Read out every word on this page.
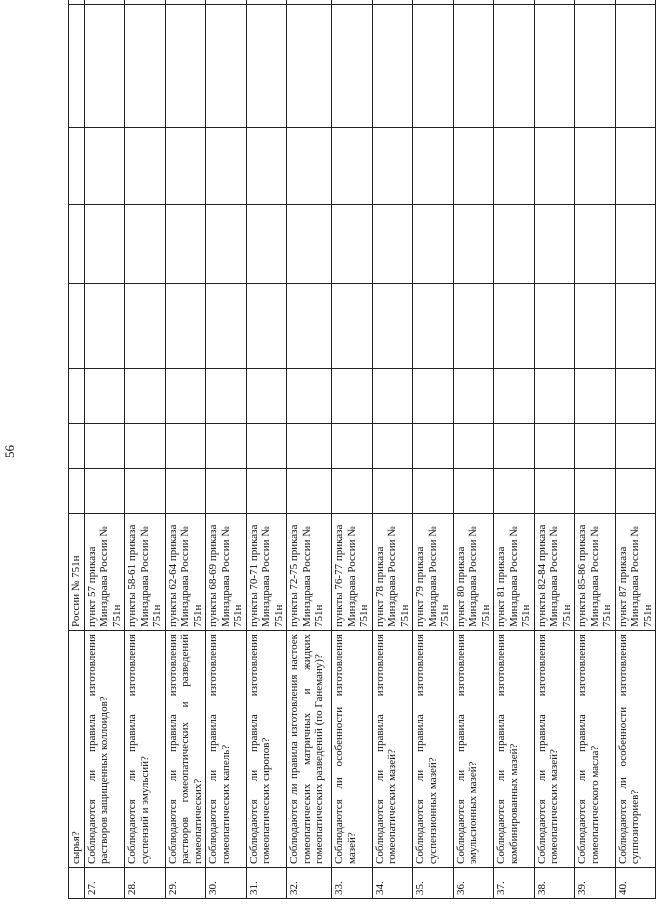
56
	сырья?	России № 751н								
27.	Соблюдаются ли правила изготовления растворов защищенных коллоидов?	пункт 57 приказа Минздрава России № 751н								
28.	Соблюдаются ли правила изготовления суспензий и эмульсий?	пункты 58-61 приказа Минздрава России № 751н								
29.	Соблюдаются ли правила изготовления растворов гомеопатических и разведений гомеопатических?	пункты 62-64 приказа Минздрава России № 751н								
30.	Соблюдаются ли правила изготовления гомеопатических капель?	пункты 68-69 приказа Минздрава России № 751н								
31.	Соблюдаются ли правила изготовления гомеопатических сиропов?	пункты 70-71 приказа Минздрава России № 751н								
32.	Соблюдаются ли правила изготовления настоек гомеопатических матричных и жидких гомеопатических разведений (по Ганеману)?	пункты 72-75 приказа Минздрава России № 751н								
33.	Соблюдаются ли особенности изготовления мазей?	пункты 76-77 приказа Минздрава России № 751н								
34.	Соблюдаются ли правила изготовления гомеопатических мазей?	пункт 78 приказа Минздрава России № 751н								
35.	Соблюдаются ли правила изготовления суспензионных мазей?	пункт 79 приказа Минздрава России № 751н								
36.	Соблюдаются ли правила изготовления эмульсионных мазей?	пункт 80 приказа Минздрава России № 751н								
37.	Соблюдаются ли правила изготовления комбинированных мазей?	пункт 81 приказа Минздрава России № 751н								
38.	Соблюдаются ли правила изготовления гомеопатических мазей?	пункты 82-84 приказа Минздрава России № 751н								
39.	Соблюдаются ли правила изготовления гомеопатического масла?	пункты 85-86 приказа Минздрава России № 751н								
40.	Соблюдаются ли особенности изготовления суппозиториев?	пункт 87 приказа Минздрава России № 751н								
